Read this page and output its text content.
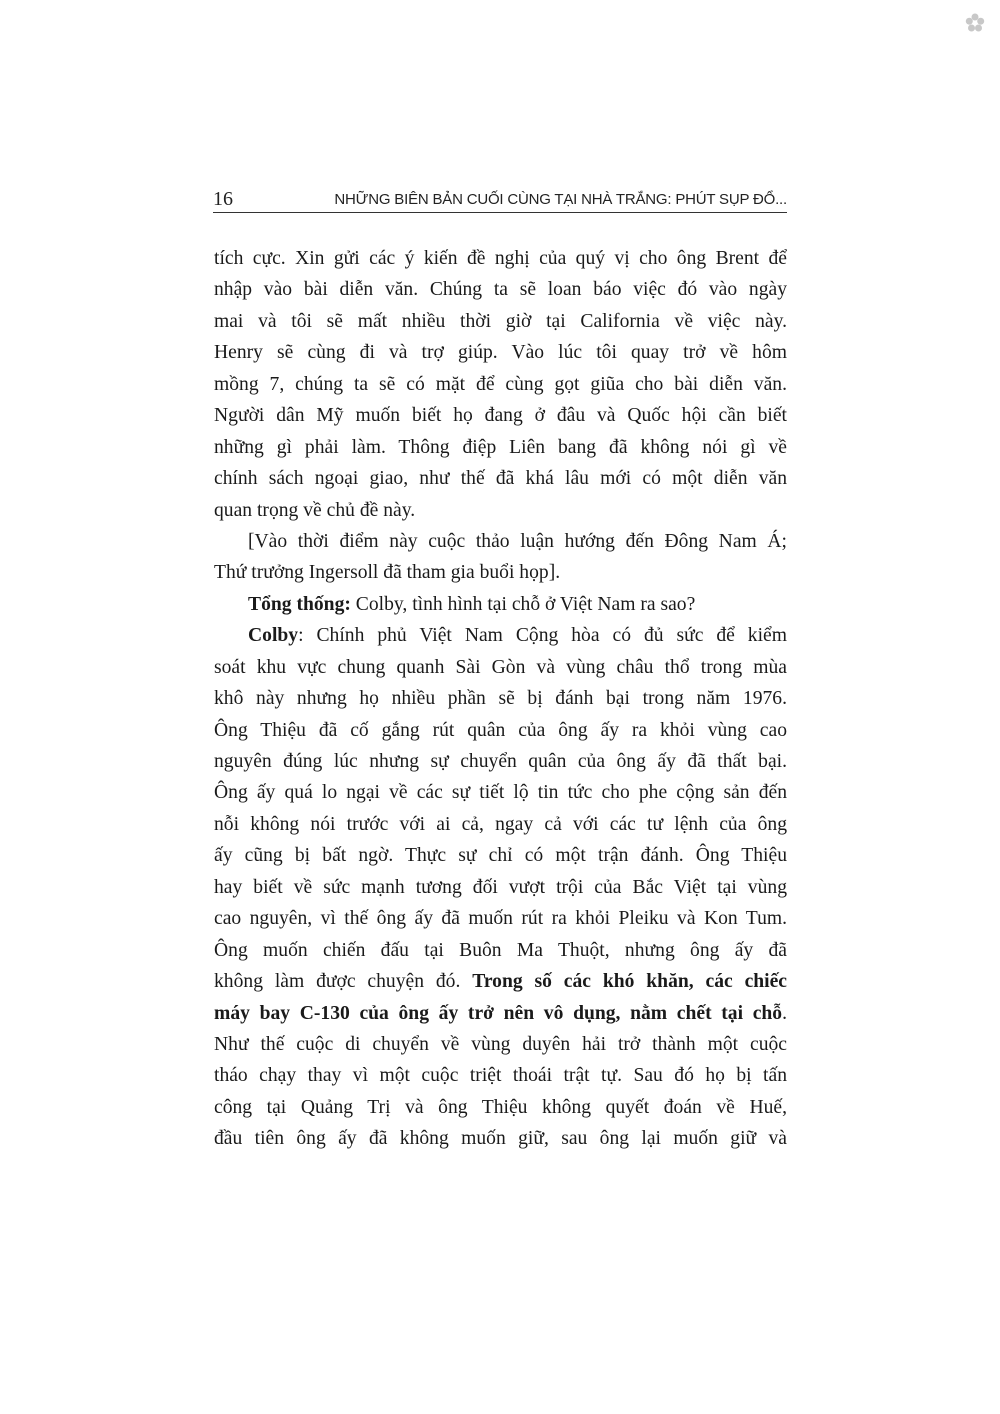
16	NHỮNG BIÊN BẢN CUỐI CÙNG TẠI NHÀ TRẮNG: PHÚT SỤP ĐỔ...
tích cực. Xin gửi các ý kiến đề nghị của quý vị cho ông Brent để
nhập vào bài diễn văn. Chúng ta sẽ loan báo việc đó vào ngày
mai và tôi sẽ mất nhiều thời giờ tại California về việc này.
Henry sẽ cùng đi và trợ giúp. Vào lúc tôi quay trở về hôm
mồng 7, chúng ta sẽ có mặt để cùng gọt giũa cho bài diễn văn.
Người dân Mỹ muốn biết họ đang ở đâu và Quốc hội cần biết
những gì phải làm. Thông điệp Liên bang đã không nói gì về
chính sách ngoại giao, như thế đã khá lâu mới có một diễn văn
quan trọng về chủ đề này.
[Vào thời điểm này cuộc thảo luận hướng đến Đông Nam Á;
Thứ trưởng Ingersoll đã tham gia buổi họp].
Tổng thống: Colby, tình hình tại chỗ ở Việt Nam ra sao?
Colby: Chính phủ Việt Nam Cộng hòa có đủ sức để kiểm
soát khu vực chung quanh Sài Gòn và vùng châu thổ trong mùa
khô này nhưng họ nhiều phần sẽ bị đánh bại trong năm 1976.
Ông Thiệu đã cố gắng rút quân của ông ấy ra khỏi vùng cao
nguyên đúng lúc nhưng sự chuyển quân của ông ấy đã thất bại.
Ông ấy quá lo ngại về các sự tiết lộ tin tức cho phe cộng sản đến
nỗi không nói trước với ai cả, ngay cả với các tư lệnh của ông
ấy cũng bị bất ngờ. Thực sự chỉ có một trận đánh. Ông Thiệu
hay biết về sức mạnh tương đối vượt trội của Bắc Việt tại vùng
cao nguyên, vì thế ông ấy đã muốn rút ra khỏi Pleiku và Kon Tum.
Ông muốn chiến đấu tại Buôn Ma Thuột, nhưng ông ấy đã
không làm được chuyện đó. Trong số các khó khăn, các chiếc
máy bay C-130 của ông ấy trở nên vô dụng, nằm chết tại chỗ.
Như thế cuộc di chuyển về vùng duyên hải trở thành một cuộc
tháo chạy thay vì một cuộc triệt thoái trật tự. Sau đó họ bị tấn
công tại Quảng Trị và ông Thiệu không quyết đoán về Huế,
đầu tiên ông ấy đã không muốn giữ, sau ông lại muốn giữ và
